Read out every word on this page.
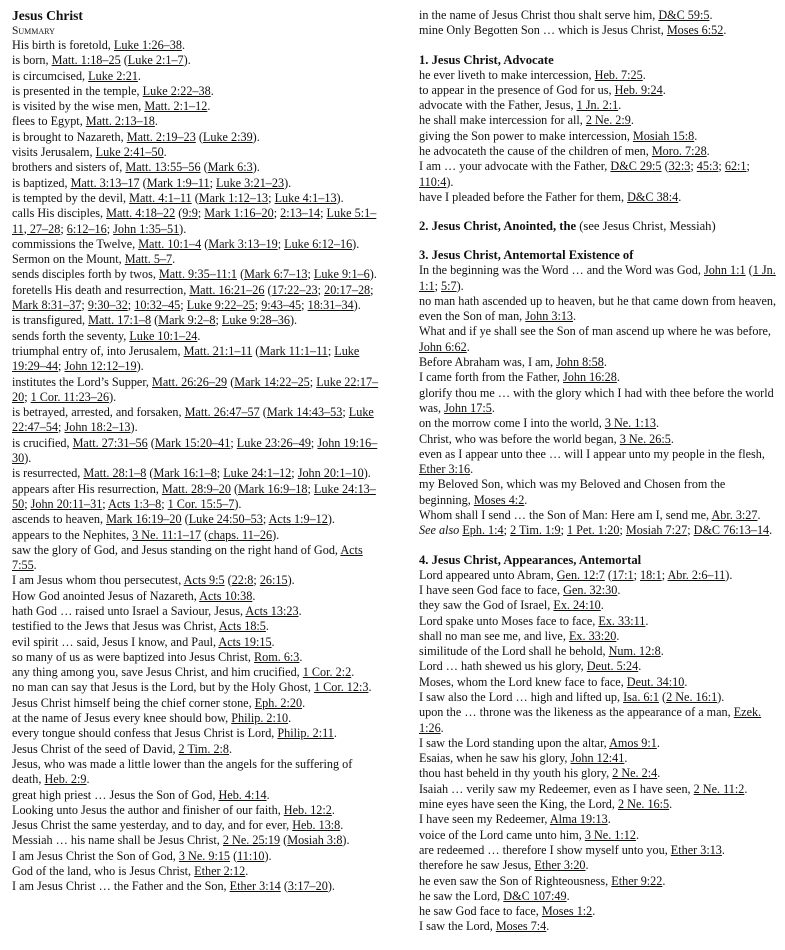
Jesus Christ
Summary
His birth is foretold, Luke 1:26–38.
is born, Matt. 1:18–25 (Luke 2:1–7).
is circumcised, Luke 2:21.
is presented in the temple, Luke 2:22–38.
is visited by the wise men, Matt. 2:1–12.
flees to Egypt, Matt. 2:13–18.
is brought to Nazareth, Matt. 2:19–23 (Luke 2:39).
visits Jerusalem, Luke 2:41–50.
brothers and sisters of, Matt. 13:55–56 (Mark 6:3).
is baptized, Matt. 3:13–17 (Mark 1:9–11; Luke 3:21–23).
is tempted by the devil, Matt. 4:1–11 (Mark 1:12–13; Luke 4:1–13).
calls His disciples, Matt. 4:18–22 (9:9; Mark 1:16–20; 2:13–14; Luke 5:1–11, 27–28; 6:12–16; John 1:35–51).
commissions the Twelve, Matt. 10:1–4 (Mark 3:13–19; Luke 6:12–16).
Sermon on the Mount, Matt. 5–7.
sends disciples forth by twos, Matt. 9:35–11:1 (Mark 6:7–13; Luke 9:1–6).
foretells His death and resurrection, Matt. 16:21–26 (17:22–23; 20:17–28; Mark 8:31–37; 9:30–32; 10:32–45; Luke 9:22–25; 9:43–45; 18:31–34).
is transfigured, Matt. 17:1–8 (Mark 9:2–8; Luke 9:28–36).
sends forth the seventy, Luke 10:1–24.
triumphal entry of, into Jerusalem, Matt. 21:1–11 (Mark 11:1–11; Luke 19:29–44; John 12:12–19).
institutes the Lord’s Supper, Matt. 26:26–29 (Mark 14:22–25; Luke 22:17–20; 1 Cor. 11:23–26).
is betrayed, arrested, and forsaken, Matt. 26:47–57 (Mark 14:43–53; Luke 22:47–54; John 18:2–13).
is crucified, Matt. 27:31–56 (Mark 15:20–41; Luke 23:26–49; John 19:16–30).
is resurrected, Matt. 28:1–8 (Mark 16:1–8; Luke 24:1–12; John 20:1–10).
appears after His resurrection, Matt. 28:9–20 (Mark 16:9–18; Luke 24:13–50; John 20:11–31; Acts 1:3–8; 1 Cor. 15:5–7).
ascends to heaven, Mark 16:19–20 (Luke 24:50–53; Acts 1:9–12).
appears to the Nephites, 3 Ne. 11:1–17 (chaps. 11–26).
saw the glory of God, and Jesus standing on the right hand of God, Acts 7:55.
I am Jesus whom thou persecutest, Acts 9:5 (22:8; 26:15).
How God anointed Jesus of Nazareth, Acts 10:38.
hath God … raised unto Israel a Saviour, Jesus, Acts 13:23.
testified to the Jews that Jesus was Christ, Acts 18:5.
evil spirit … said, Jesus I know, and Paul, Acts 19:15.
so many of us as were baptized into Jesus Christ, Rom. 6:3.
any thing among you, save Jesus Christ, and him crucified, 1 Cor. 2:2.
no man can say that Jesus is the Lord, but by the Holy Ghost, 1 Cor. 12:3.
Jesus Christ himself being the chief corner stone, Eph. 2:20.
at the name of Jesus every knee should bow, Philip. 2:10.
every tongue should confess that Jesus Christ is Lord, Philip. 2:11.
Jesus Christ of the seed of David, 2 Tim. 2:8.
Jesus, who was made a little lower than the angels for the suffering of death, Heb. 2:9.
great high priest … Jesus the Son of God, Heb. 4:14.
Looking unto Jesus the author and finisher of our faith, Heb. 12:2.
Jesus Christ the same yesterday, and to day, and for ever, Heb. 13:8.
Messiah … his name shall be Jesus Christ, 2 Ne. 25:19 (Mosiah 3:8).
I am Jesus Christ the Son of God, 3 Ne. 9:15 (11:10).
God of the land, who is Jesus Christ, Ether 2:12.
I am Jesus Christ … the Father and the Son, Ether 3:14 (3:17–20).
in the name of Jesus Christ thou shalt serve him, D&C 59:5.
mine Only Begotten Son … which is Jesus Christ, Moses 6:52.
1. Jesus Christ, Advocate
he ever liveth to make intercession, Heb. 7:25.
to appear in the presence of God for us, Heb. 9:24.
advocate with the Father, Jesus, 1 Jn. 2:1.
he shall make intercession for all, 2 Ne. 2:9.
giving the Son power to make intercession, Mosiah 15:8.
he advocateth the cause of the children of men, Moro. 7:28.
I am … your advocate with the Father, D&C 29:5 (32:3; 45:3; 62:1; 110:4).
have I pleaded before the Father for them, D&C 38:4.
2. Jesus Christ, Anointed, the (see Jesus Christ, Messiah)
3. Jesus Christ, Antemortal Existence of
In the beginning was the Word … and the Word was God, John 1:1 (1 Jn. 1:1; 5:7).
no man hath ascended up to heaven, but he that came down from heaven, even the Son of man, John 3:13.
What and if ye shall see the Son of man ascend up where he was before, John 6:62.
Before Abraham was, I am, John 8:58.
I came forth from the Father, John 16:28.
glorify thou me … with the glory which I had with thee before the world was, John 17:5.
on the morrow come I into the world, 3 Ne. 1:13.
Christ, who was before the world began, 3 Ne. 26:5.
even as I appear unto thee … will I appear unto my people in the flesh, Ether 3:16.
my Beloved Son, which was my Beloved and Chosen from the beginning, Moses 4:2.
Whom shall I send … the Son of Man: Here am I, send me, Abr. 3:27.
See also Eph. 1:4; 2 Tim. 1:9; 1 Pet. 1:20; Mosiah 7:27; D&C 76:13–14.
4. Jesus Christ, Appearances, Antemortal
Lord appeared unto Abram, Gen. 12:7 (17:1; 18:1; Abr. 2:6–11).
I have seen God face to face, Gen. 32:30.
they saw the God of Israel, Ex. 24:10.
Lord spake unto Moses face to face, Ex. 33:11.
shall no man see me, and live, Ex. 33:20.
similitude of the Lord shall he behold, Num. 12:8.
Lord … hath shewed us his glory, Deut. 5:24.
Moses, whom the Lord knew face to face, Deut. 34:10.
I saw also the Lord … high and lifted up, Isa. 6:1 (2 Ne. 16:1).
upon the … throne was the likeness as the appearance of a man, Ezek. 1:26.
I saw the Lord standing upon the altar, Amos 9:1.
Esaias, when he saw his glory, John 12:41.
thou hast beheld in thy youth his glory, 2 Ne. 2:4.
Isaiah … verily saw my Redeemer, even as I have seen, 2 Ne. 11:2.
mine eyes have seen the King, the Lord, 2 Ne. 16:5.
I have seen my Redeemer, Alma 19:13.
voice of the Lord came unto him, 3 Ne. 1:12.
are redeemed … therefore I show myself unto you, Ether 3:13.
therefore he saw Jesus, Ether 3:20.
he even saw the Son of Righteousness, Ether 9:22.
he saw the Lord, D&C 107:49.
he saw God face to face, Moses 1:2.
I saw the Lord, Moses 7:4.
